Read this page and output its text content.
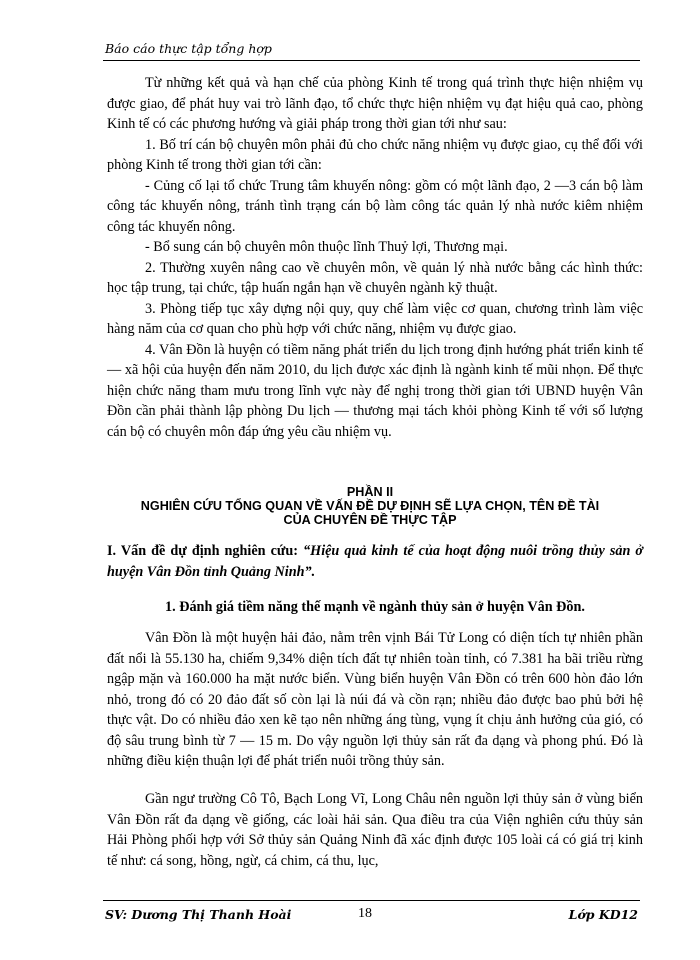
Báo cáo thực tập tổng hợp

Từ những kết quả và hạn chế của phòng Kinh tế trong quá trình thực hiện nhiệm vụ được giao, để phát huy vai trò lãnh đạo, tổ chức thực hiện nhiệm vụ đạt hiệu quả cao, phòng Kinh tế có các phương hướng và giải pháp trong thời gian tới như sau:

1. Bố trí cán bộ chuyên môn phải đủ cho chức năng nhiệm vụ được giao, cụ thể đối với phòng Kinh tế trong thời gian tới cần:

- Củng cố lại tổ chức Trung tâm khuyến nông: gồm có một lãnh đạo, 2 —3 cán bộ làm công tác khuyến nông, tránh tình trạng cán bộ làm công tác quản lý nhà nước kiêm nhiệm công tác khuyến nông.

- Bổ sung cán bộ chuyên môn thuộc lĩnh Thuỷ lợi, Thương mại.

2. Thường xuyên nâng cao về chuyên môn, về quản lý nhà nước bằng các hình thức: học tập trung, tại chức, tập huấn ngắn hạn về chuyên ngành kỹ thuật.

3. Phòng tiếp tục xây dựng nội quy, quy chế làm việc cơ quan, chương trình làm việc hàng năm của cơ quan cho phù hợp với chức năng, nhiệm vụ được giao.

4. Vân Đồn là huyện có tiềm năng phát triển du lịch trong định hướng phát triển kinh tế — xã hội của huyện đến năm 2010, du lịch được xác định là ngành kinh tế mũi nhọn. Để thực hiện chức năng tham mưu trong lĩnh vực này để nghị trong thời gian tới UBND huyện Vân Đồn cần phải thành lập phòng Du lịch — thương mại tách khỏi phòng Kinh tế với số lượng cán bộ có chuyên môn đáp ứng yêu cầu nhiệm vụ.

PHẦN II
NGHIÊN CỨU TỔNG QUAN VỀ VẤN ĐỀ DỰ ĐỊNH SẼ LỰA CHỌN, TÊN ĐỀ TÀI
CỦA CHUYÊN ĐỀ THỰC TẬP

I. Vấn đề dự định nghiên cứu: “Hiệu quả kinh tế của hoạt động nuôi trồng thủy sản ở huyện Vân Đồn tỉnh Quảng Ninh”.

1. Đánh giá tiềm năng thế mạnh về ngành thủy sản ở huyện Vân Đồn.

Vân Đồn là một huyện hải đảo, nằm trên vịnh Bái Tử Long có diện tích tự nhiên phần đất nổi là 55.130 ha, chiếm 9,34% diện tích đất tự nhiên toàn tỉnh, có 7.381 ha bãi triều rừng ngập mặn và 160.000 ha mặt nước biển. Vùng biển huyện Vân Đồn có trên 600 hòn đảo lớn nhỏ, trong đó có 20 đảo đất số còn lại là núi đá và cồn rạn; nhiều đảo được bao phủ bởi hệ thực vật. Do có nhiều đảo xen kẽ tạo nên những áng tùng, vụng ít chịu ảnh hưởng của gió, có độ sâu trung bình từ 7 — 15 m. Do vậy nguồn lợi thủy sản rất đa dạng và phong phú. Đó là những điều kiện thuận lợi để phát triển nuôi trồng thủy sản.

Gần ngư trường Cô Tô, Bạch Long Vĩ, Long Châu nên nguồn lợi thủy sản ở vùng biển Vân Đồn rất đa dạng về giống, các loài hải sản. Qua điều tra của Viện nghiên cứu thủy sản Hải Phòng phối hợp với Sở thủy sản Quảng Ninh đã xác định được 105 loài cá có giá trị kinh tế như: cá song, hồng, ngừ, cá chim, cá thu, lục,

SV: Dương Thị Thanh Hoài	18	Lớp KD12
